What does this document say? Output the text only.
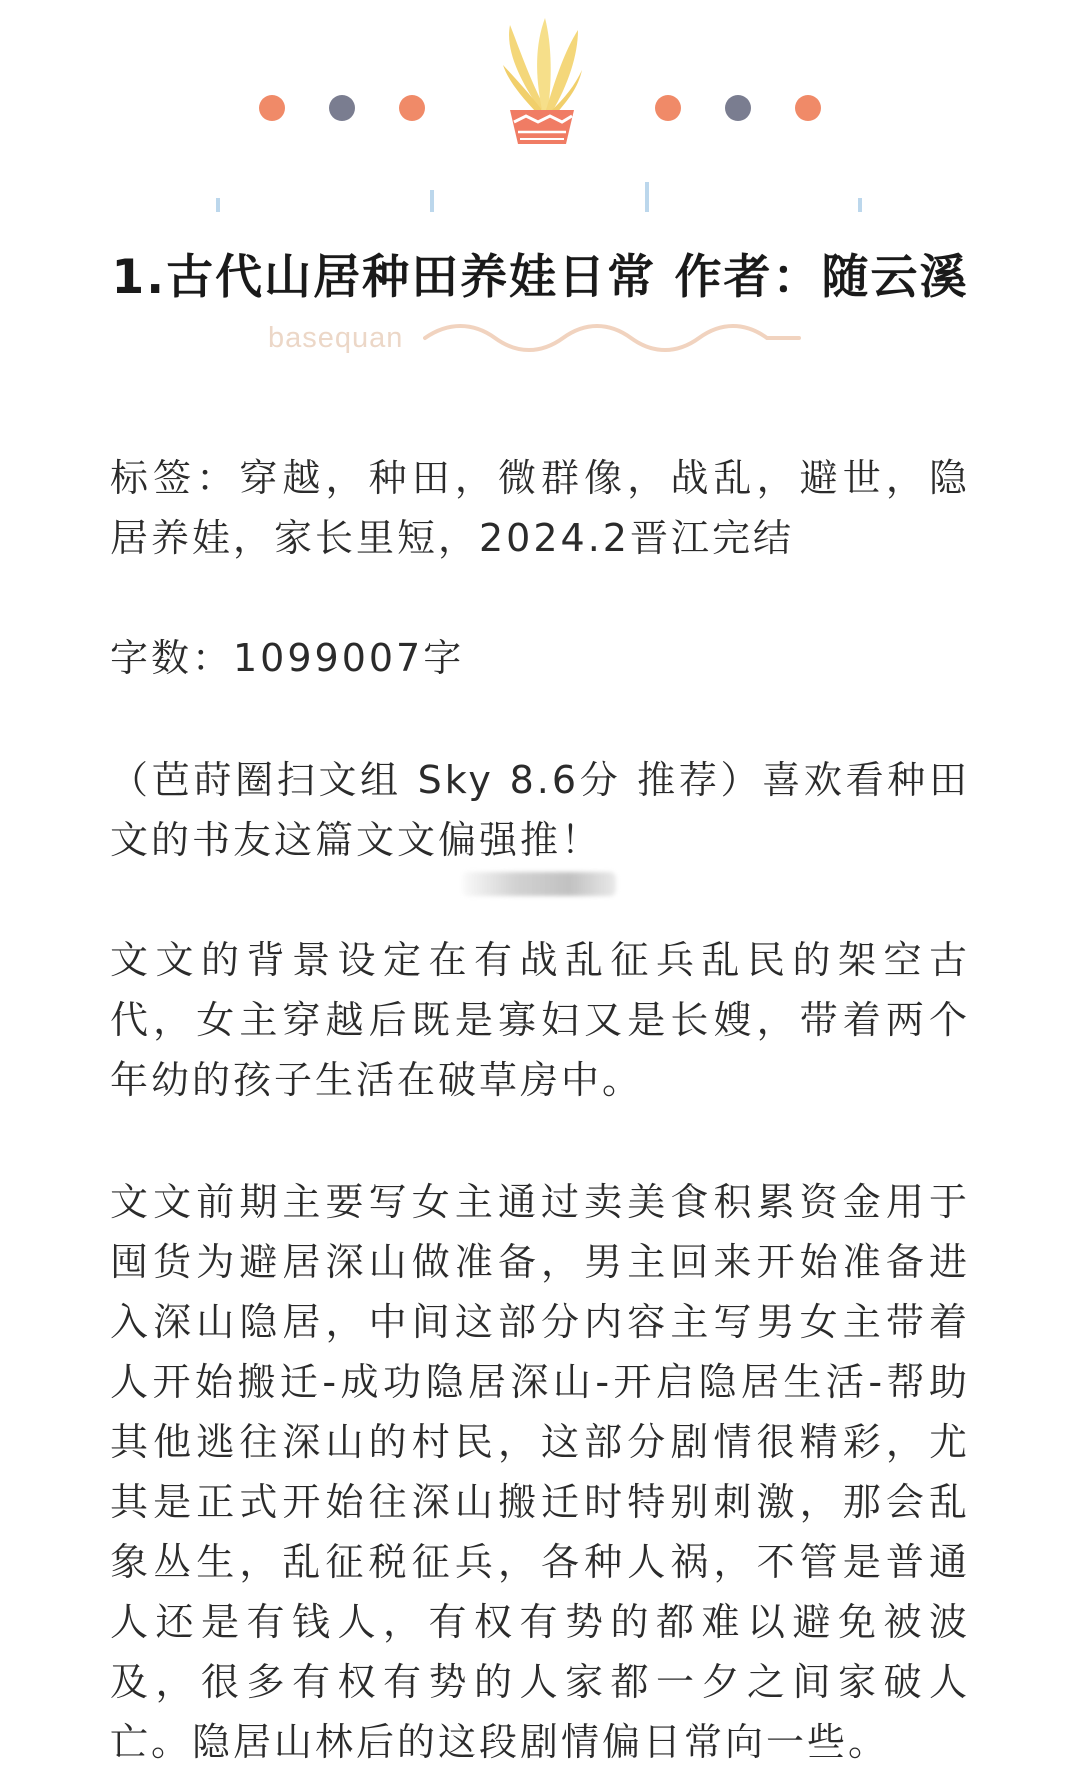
1.古代山居种田养娃日常 作者：随云溪
basequan

标签：穿越，种田，微群像，战乱，避世，隐居养娃，家长里短，2024.2晋江完结

字数：1099007字

（芭莳圈扫文组 Sky 8.6分 推荐）喜欢看种田文的书友这篇文文偏强推！

文文的背景设定在有战乱征兵乱民的架空古代，女主穿越后既是寡妇又是长嫂，带着两个年幼的孩子生活在破草房中。

文文前期主要写女主通过卖美食积累资金用于囤货为避居深山做准备，男主回来开始准备进入深山隐居，中间这部分内容主写男女主带着人开始搬迁-成功隐居深山-开启隐居生活-帮助其他逃往深山的村民，这部分剧情很精彩，尤其是正式开始往深山搬迁时特别刺激，那会乱象丛生，乱征税征兵，各种人祸，不管是普通人还是有钱人，有权有势的都难以避免被波及，很多有权有势的人家都一夕之间家破人亡。隐居山林后的这段剧情偏日常向一些。
